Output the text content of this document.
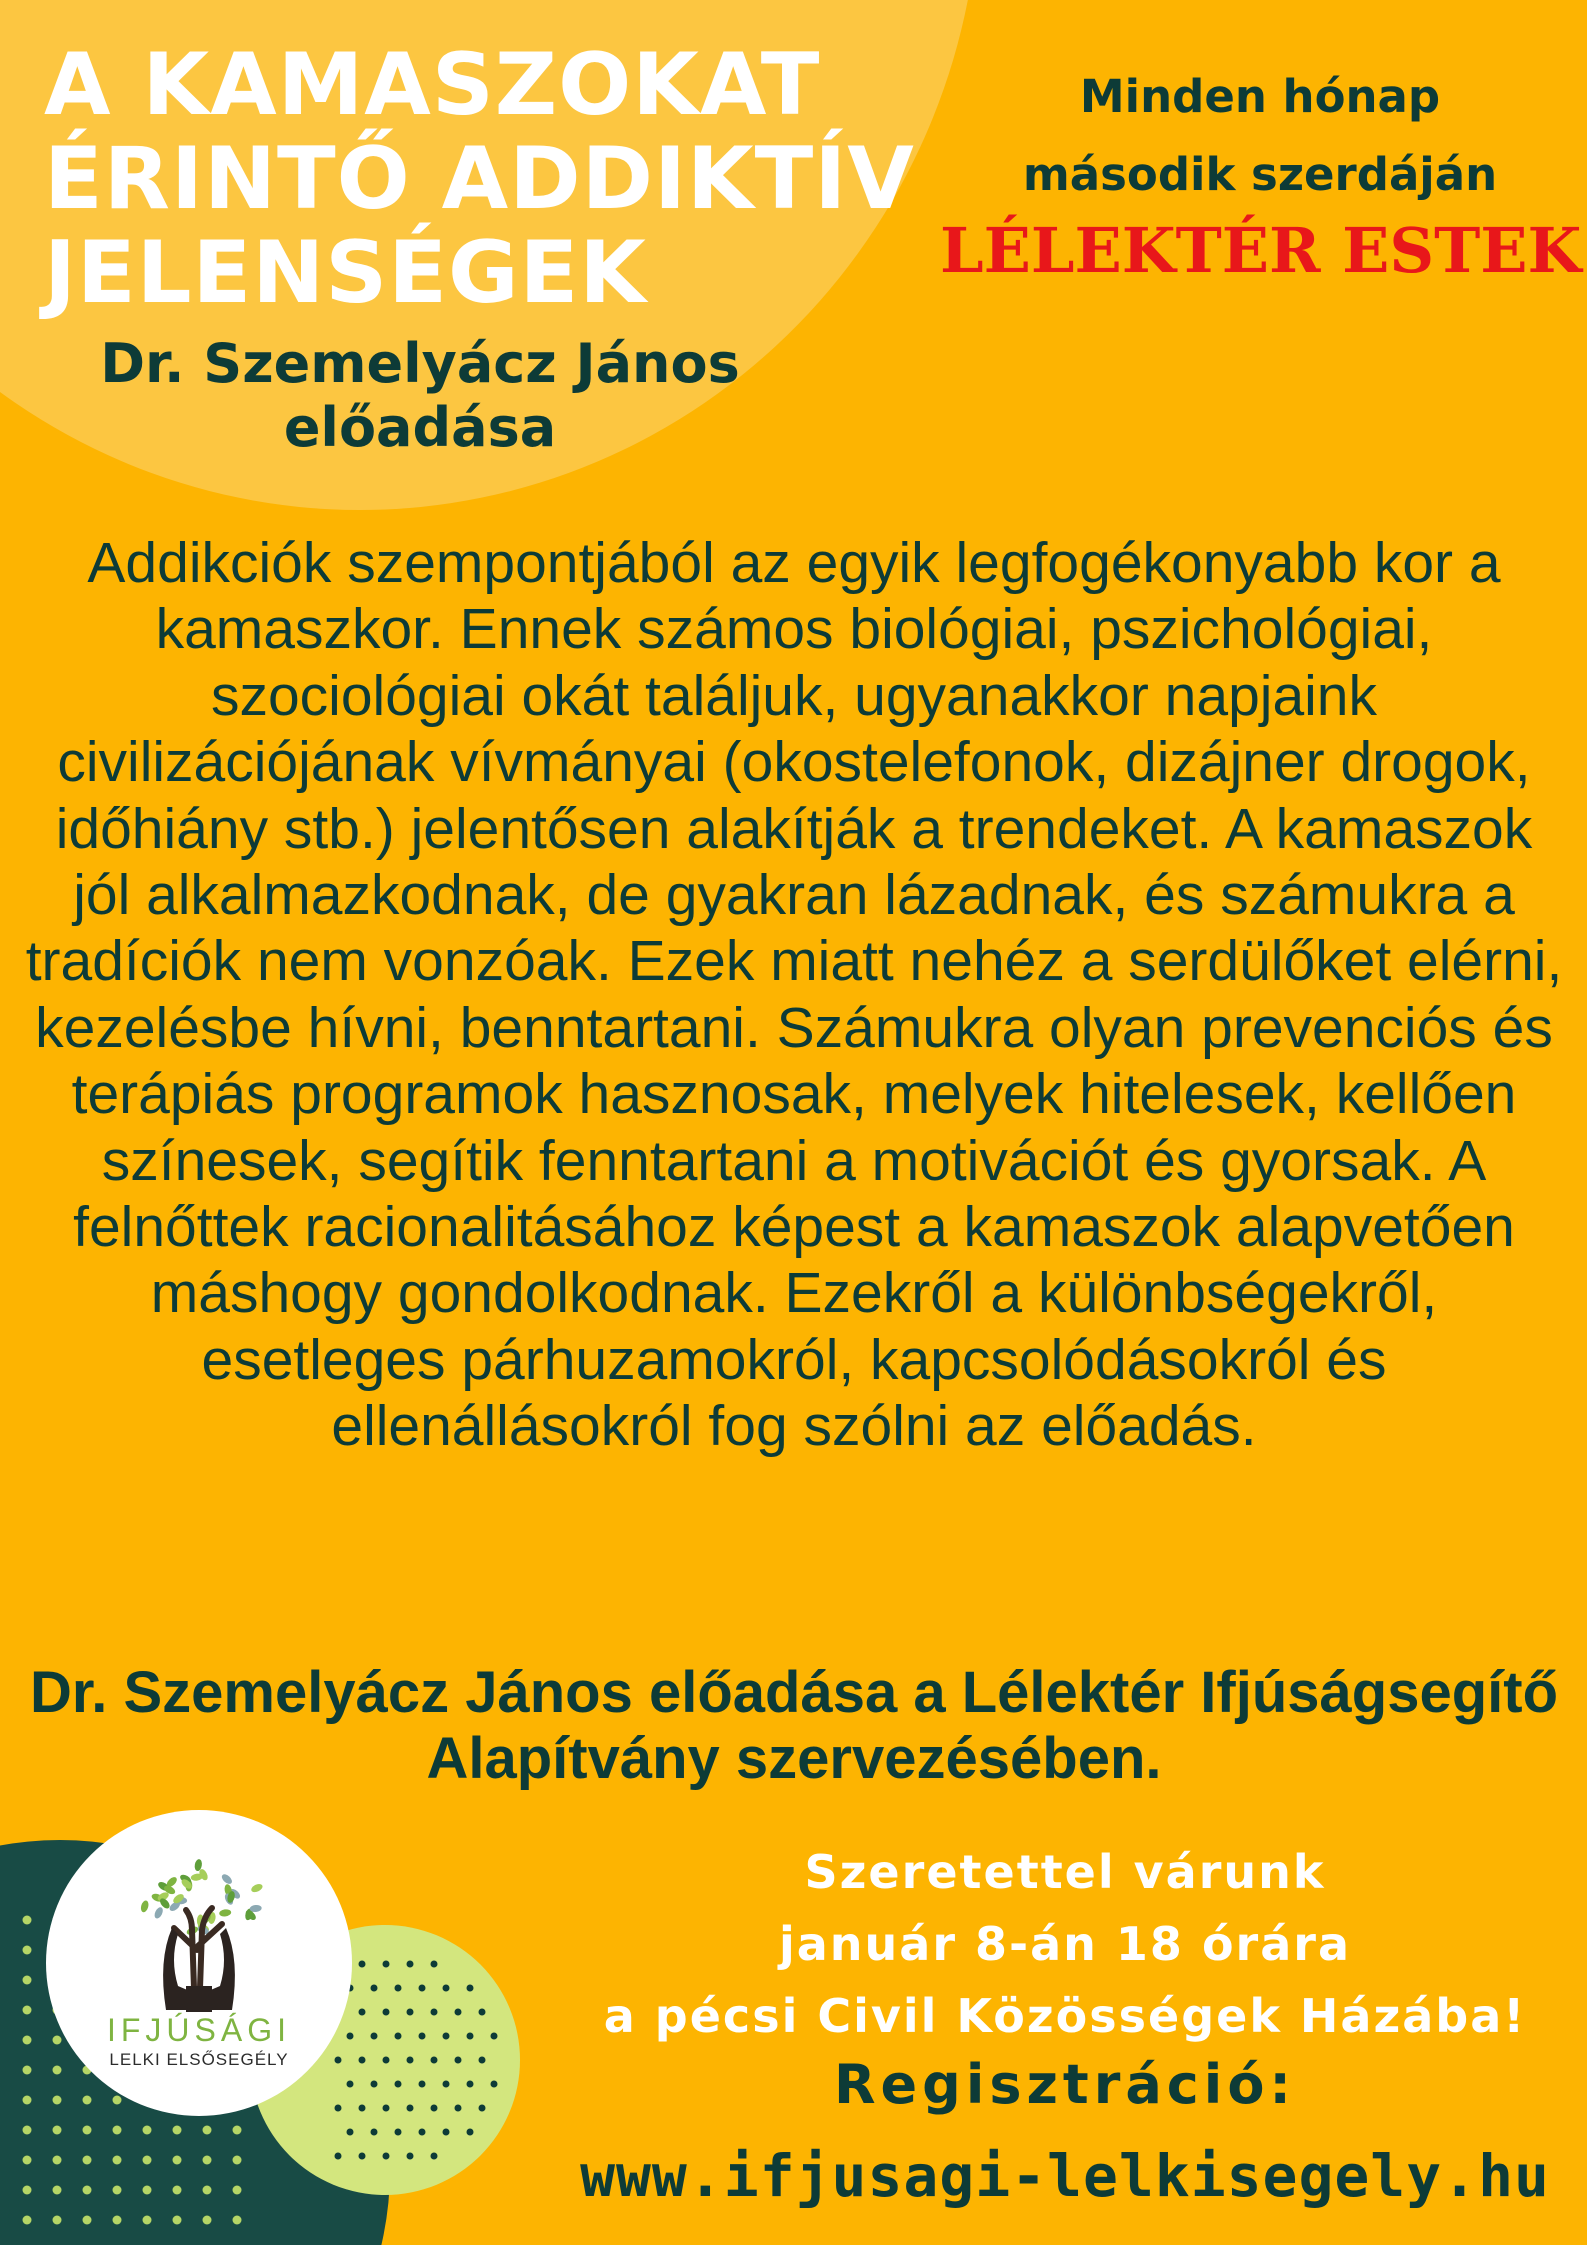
A KAMASZOKAT
ÉRINTŐ ADDIKTÍV
JELENSÉGEK
Dr. Szemelyácz János
előadása
Minden hónap
második szerdáján
LÉLEKTÉR ESTEK

Addikciók szempontjából az egyik legfogékonyabb kor a kamaszkor. Ennek számos biológiai, pszichológiai, szociológiai okát találjuk, ugyanakkor napjaink civilizációjának vívmányai (okostelefonok, dizájner drogok, időhiány stb.) jelentősen alakítják a trendeket. A kamaszok jól alkalmazkodnak, de gyakran lázadnak, és számukra a tradíciók nem vonzóak. Ezek miatt nehéz a serdülőket elérni, kezelésbe hívni, benntartani. Számukra olyan prevenciós és terápiás programok hasznosak, melyek hitelesek, kellően színesek, segítik fenntartani a motivációt és gyorsak. A felnőttek racionalitásához képest a kamaszok alapvetően máshogy gondolkodnak. Ezekről a különbségekről, esetleges párhuzamokról, kapcsolódásokról és ellenállásokról fog szólni az előadás.

Dr. Szemelyácz János előadása a Lélektér Ifjúságsegítő Alapítvány szervezésében.

IFJÚSÁGI
LELKI ELSŐSEGÉLY
Szeretettel várunk
január 8-án 18 órára
a pécsi Civil Közösségek Házába!
Regisztráció:
www.ifjusagi-lelkisegely.hu
